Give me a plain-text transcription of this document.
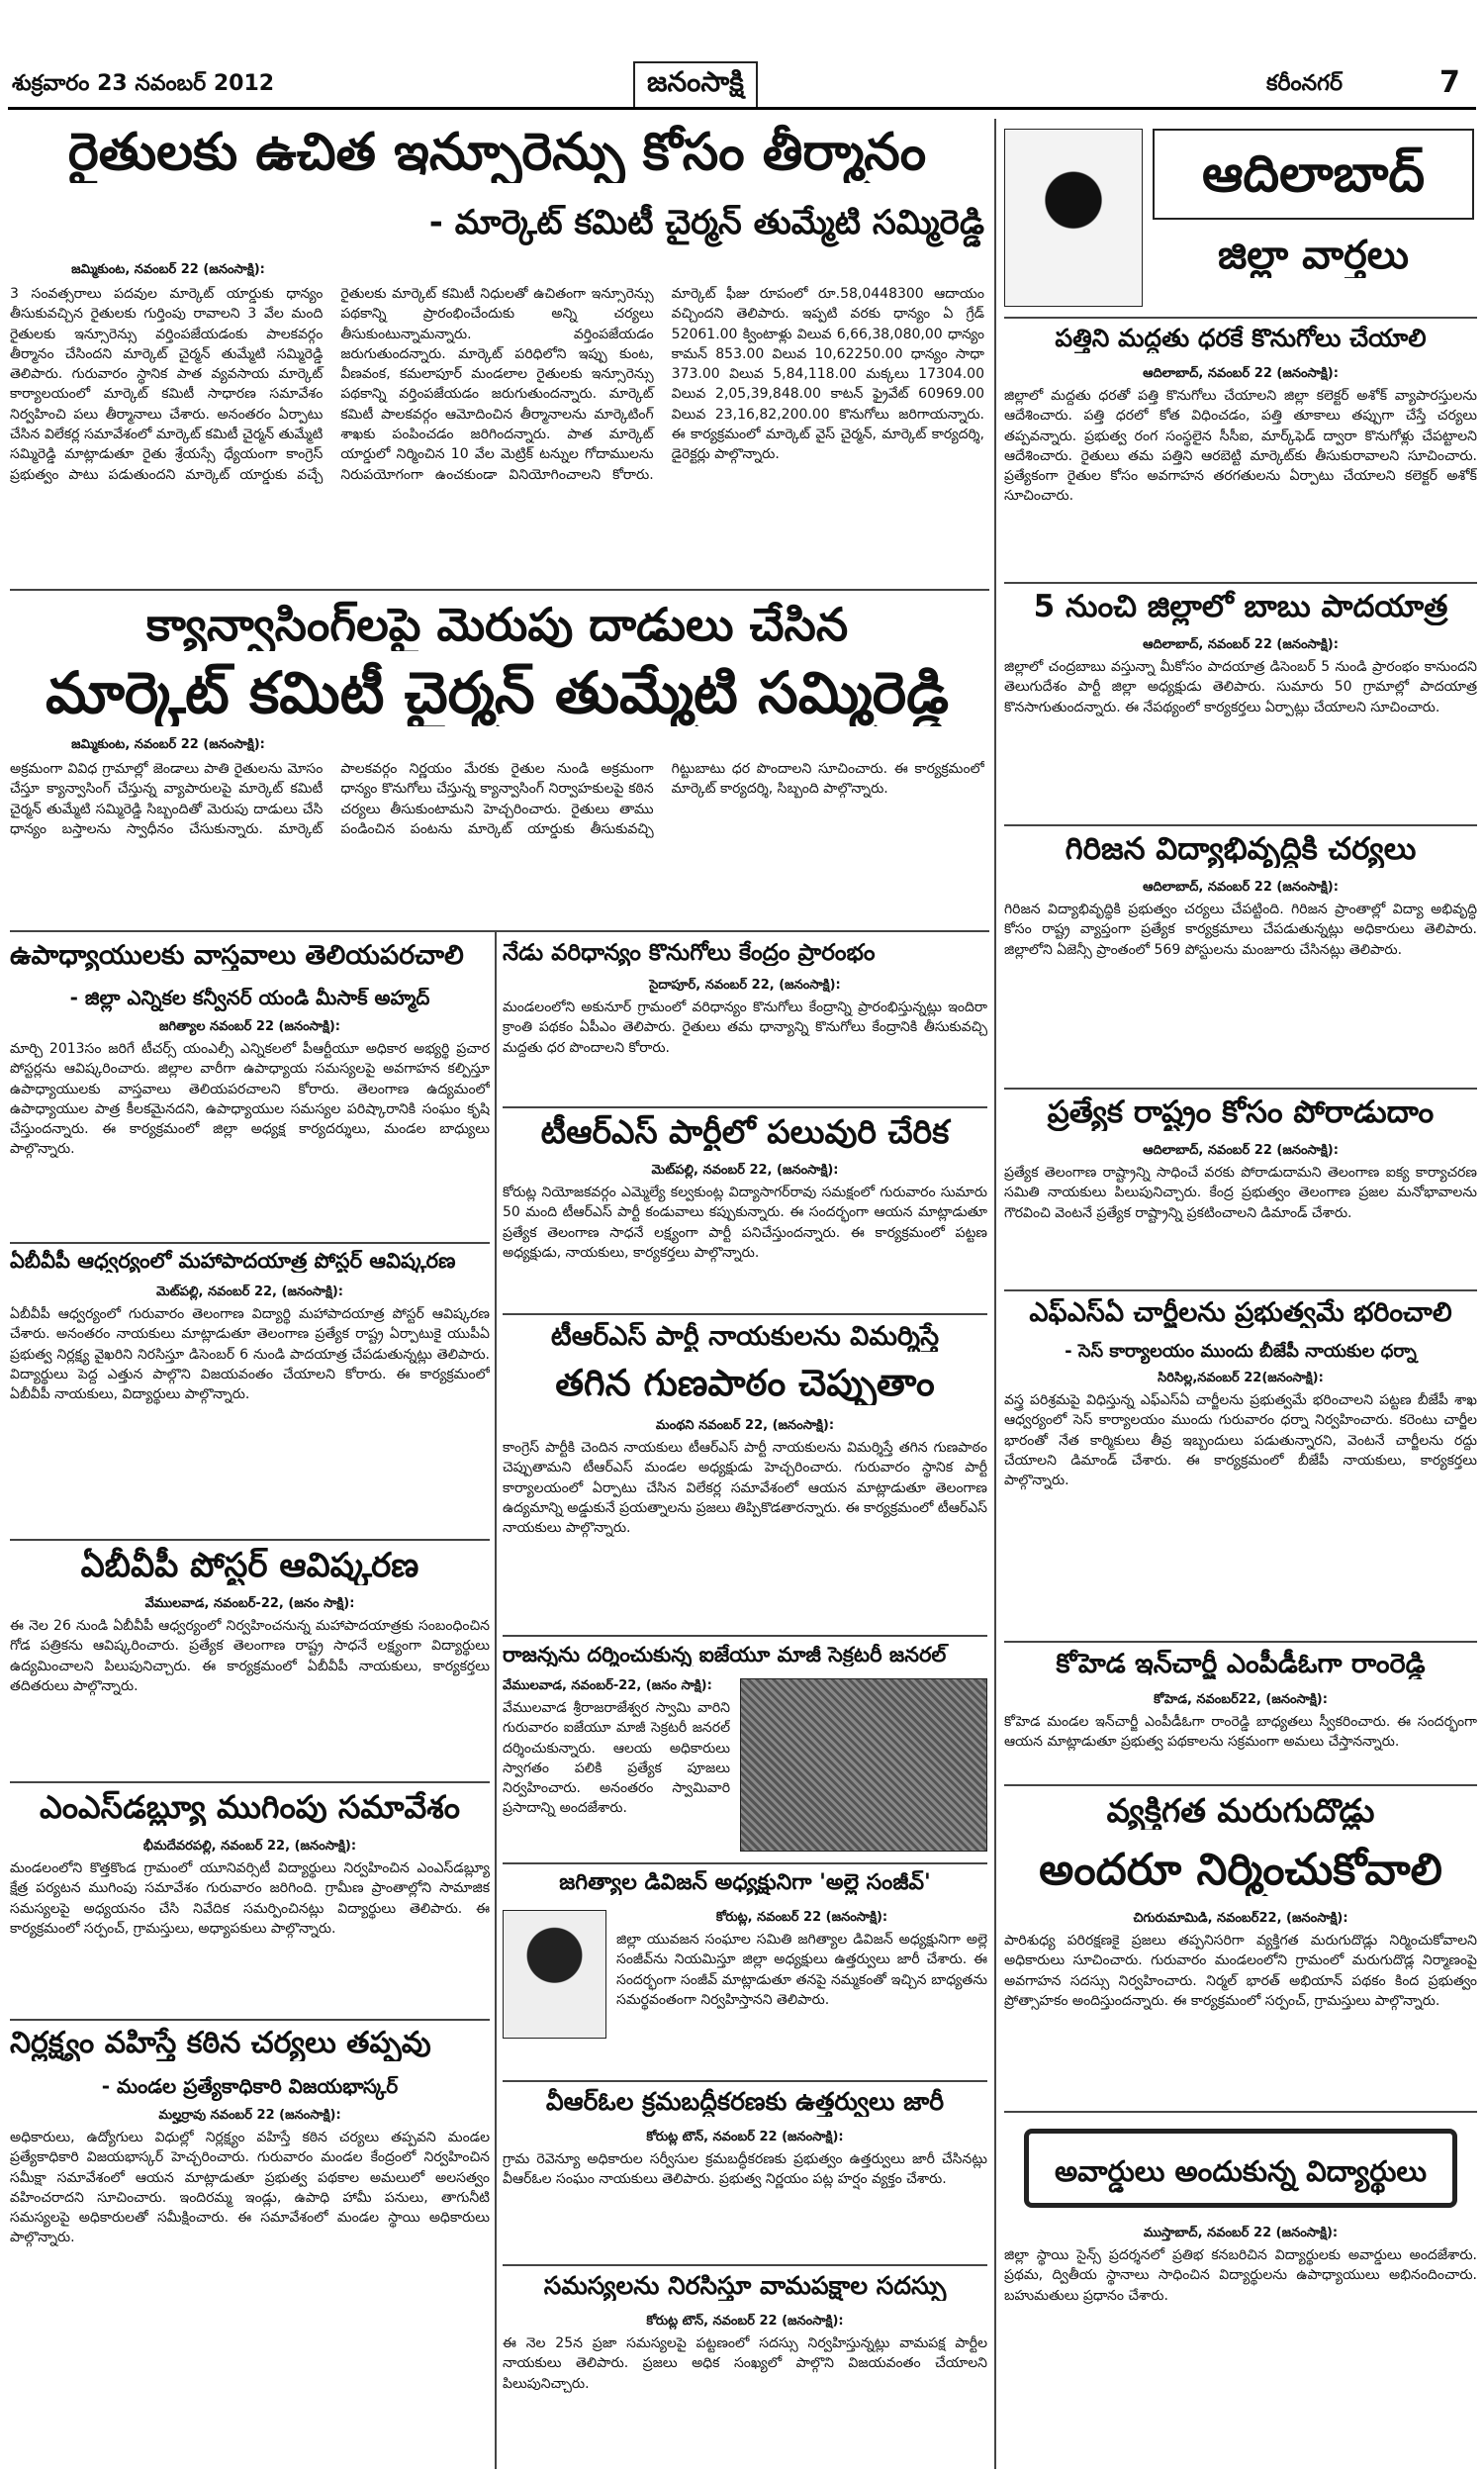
శుక్రవారం 23 నవంబర్ 2012	జనంసాక్షి	కరీంనగర్	7
రైతులకు ఉచిత ఇన్సూరెన్సు కోసం తీర్మానం
- మార్కెట్ కమిటీ చైర్మన్ తుమ్మేటి సమ్మిరెడ్డి
జమ్మికుంట, నవంబర్ 22 (జనంసాక్షి):
3 సంవత్సరాలు పదవుల మార్కెట్ యార్డుకు ధాన్యం తీసుకువచ్చిన రైతులకు గుర్తింపు రావాలని 3 వేల మంది రైతులకు ఇన్సూరెన్సు వర్తింపజేయడంకు పాలకవర్గం తీర్మానం చేసిందని మార్కెట్ చైర్మన్ తుమ్మేటి సమ్మిరెడ్డి తెలిపారు. గురువారం స్థానిక పాత వ్యవసాయ మార్కెట్ కార్యాలయంలో మార్కెట్ కమిటీ సాధారణ సమావేశం నిర్వహించి పలు తీర్మానాలు చేశారు. అనంతరం ఏర్పాటు చేసిన విలేకర్ల సమావేశంలో మార్కెట్ కమిటీ చైర్మన్ తుమ్మేటి సమ్మిరెడ్డి మాట్లాడుతూ రైతు శ్రేయస్సే ధ్యేయంగా కాంగ్రెస్ ప్రభుత్వం పాటు పడుతుందని మార్కెట్ యార్డుకు వచ్చే రైతులకు మార్కెట్ కమిటీ నిధులతో ఉచితంగా ఇన్సూరెన్సు పథకాన్ని ప్రారంభించేందుకు అన్ని చర్యలు తీసుకుంటున్నామన్నారు. వర్తింపజేయడం జరుగుతుందన్నారు. మార్కెట్ పరిధిలోని ఇప్పు కుంట, వీణవంక, కమలాపూర్ మండలాల రైతులకు ఇన్సూరెన్సు పథకాన్ని వర్తింపజేయడం జరుగుతుందన్నారు. మార్కెట్ కమిటీ పాలకవర్గం ఆమోదించిన తీర్మానాలను మార్కెటింగ్ శాఖకు పంపించడం జరిగిందన్నారు. పాత మార్కెట్ యార్డులో నిర్మించిన 10 వేల మెట్రిక్ టన్నుల గోదాములను నిరుపయోగంగా ఉంచకుండా వినియోగించాలని కోరారు. మార్కెట్ ఫీజు రూపంలో రూ.58,0448300 ఆదాయం వచ్చిందని తెలిపారు. ఇప్పటి వరకు ధాన్యం ఏ గ్రేడ్ 52061.00 క్వింటాళ్లు విలువ 6,66,38,080,00 ధాన్యం కామన్ 853.00 విలువ 10,62250.00 ధాన్యం సాధా 373.00 విలువ 5,84,118.00 మక్కలు 17304.00 విలువ 2,05,39,848.00 కాటన్ ఫ్రైవేట్ 60969.00 విలువ 23,16,82,200.00 కొనుగోలు జరిగాయన్నారు. ఈ కార్యక్రమంలో మార్కెట్ వైస్ చైర్మన్, మార్కెట్ కార్యదర్శి, డైరెక్టర్లు పాల్గొన్నారు.
క్యాన్వాసింగ్‌లపై మెరుపు దాడులు చేసిన
మార్కెట్ కమిటీ చైర్మన్ తుమ్మేటి సమ్మిరెడ్డి
జమ్మికుంట, నవంబర్ 22 (జనంసాక్షి):
అక్రమంగా వివిధ గ్రామాల్లో జెండాలు పాతి రైతులను మోసం చేస్తూ క్యాన్వాసింగ్ చేస్తున్న వ్యాపారులపై మార్కెట్ కమిటీ చైర్మన్ తుమ్మేటి సమ్మిరెడ్డి సిబ్బందితో మెరుపు దాడులు చేసి ధాన్యం బస్తాలను స్వాధీనం చేసుకున్నారు. మార్కెట్ పాలకవర్గం నిర్ణయం మేరకు రైతుల నుండి అక్రమంగా ధాన్యం కొనుగోలు చేస్తున్న క్యాన్వాసింగ్ నిర్వాహకులపై కఠిన చర్యలు తీసుకుంటామని హెచ్చరించారు. రైతులు తాము పండించిన పంటను మార్కెట్ యార్డుకు తీసుకువచ్చి గిట్టుబాటు ధర పొందాలని సూచించారు. ఈ కార్యక్రమంలో మార్కెట్ కార్యదర్శి, సిబ్బంది పాల్గొన్నారు.
ఉపాధ్యాయులకు వాస్తవాలు తెలియపరచాలి
- జిల్లా ఎన్నికల కన్వీనర్ యండి మీసాక్ అహ్మద్
జగిత్యాల నవంబర్ 22 (జనంసాక్షి):
మార్చి 2013సం జరిగే టీచర్స్ యంఎల్సీ ఎన్నికలలో పీఆర్టీయూ అధికార అభ్యర్థి ప్రచార పోస్టర్లను ఆవిష్కరించారు. జిల్లాల వారీగా ఉపాధ్యాయ సమస్యలపై అవగాహన కల్పిస్తూ ఉపాధ్యాయులకు వాస్తవాలు తెలియపరచాలని కోరారు. తెలంగాణ ఉద్యమంలో ఉపాధ్యాయుల పాత్ర కీలకమైనదని, ఉపాధ్యాయుల సమస్యల పరిష్కారానికి సంఘం కృషి చేస్తుందన్నారు. ఈ కార్యక్రమంలో జిల్లా అధ్యక్ష కార్యదర్శులు, మండల బాధ్యులు పాల్గొన్నారు.
ఏబీవీపీ ఆధ్వర్యంలో మహాపాదయాత్ర పోస్టర్ ఆవిష్కరణ
మెట్‌పల్లి, నవంబర్ 22, (జనంసాక్షి):
ఏబీవీపీ ఆధ్వర్యంలో గురువారం తెలంగాణ విద్యార్థి మహాపాదయాత్ర పోస్టర్ ఆవిష్కరణ చేశారు. అనంతరం నాయకులు మాట్లాడుతూ తెలంగాణ ప్రత్యేక రాష్ట్ర ఏర్పాటుకై యుపీఏ ప్రభుత్వ నిర్లక్ష్య వైఖరిని నిరసిస్తూ డిసెంబర్ 6 నుండి పాదయాత్ర చేపడుతున్నట్లు తెలిపారు. విద్యార్థులు పెద్ద ఎత్తున పాల్గొని విజయవంతం చేయాలని కోరారు. ఈ కార్యక్రమంలో ఏబీవీపీ నాయకులు, విద్యార్థులు పాల్గొన్నారు.
ఏబీవీపీ పోస్టర్ ఆవిష్కరణ
వేములవాడ, నవంబర్-22, (జనం సాక్షి):
ఈ నెల 26 నుండి ఏబీవీపీ ఆధ్వర్యంలో నిర్వహించనున్న మహాపాదయాత్రకు సంబంధించిన గోడ పత్రికను ఆవిష్కరించారు. ప్రత్యేక తెలంగాణ రాష్ట్ర సాధనే లక్ష్యంగా విద్యార్థులు ఉద్యమించాలని పిలుపునిచ్చారు. ఈ కార్యక్రమంలో ఏబీవీపీ నాయకులు, కార్యకర్తలు తదితరులు పాల్గొన్నారు.
ఎంఎస్‌డబ్ల్యూ ముగింపు సమావేశం
భీమదేవరపల్లి, నవంబర్ 22, (జనంసాక్షి):
మండలంలోని కొత్తకొండ గ్రామంలో యూనివర్సిటీ విద్యార్థులు నిర్వహించిన ఎంఎస్‌డబ్ల్యూ క్షేత్ర పర్యటన ముగింపు సమావేశం గురువారం జరిగింది. గ్రామీణ ప్రాంతాల్లోని సామాజిక సమస్యలపై అధ్యయనం చేసి నివేదిక సమర్పించినట్లు విద్యార్థులు తెలిపారు. ఈ కార్యక్రమంలో సర్పంచ్, గ్రామస్తులు, అధ్యాపకులు పాల్గొన్నారు.
నిర్లక్ష్యం వహిస్తే కఠిన చర్యలు తప్పవు
- మండల ప్రత్యేకాధికారి విజయభాస్కర్
మల్హర్రావు నవంబర్ 22 (జనంసాక్షి):
అధికారులు, ఉద్యోగులు విధుల్లో నిర్లక్ష్యం వహిస్తే కఠిన చర్యలు తప్పవని మండల ప్రత్యేకాధికారి విజయభాస్కర్ హెచ్చరించారు. గురువారం మండల కేంద్రంలో నిర్వహించిన సమీక్షా సమావేశంలో ఆయన మాట్లాడుతూ ప్రభుత్వ పథకాల అమలులో అలసత్వం వహించరాదని సూచించారు. ఇందిరమ్మ ఇండ్లు, ఉపాధి హామీ పనులు, తాగునీటి సమస్యలపై అధికారులతో సమీక్షించారు. ఈ సమావేశంలో మండల స్థాయి అధికారులు పాల్గొన్నారు.
నేడు వరిధాన్యం కొనుగోలు కేంద్రం ప్రారంభం
సైదాపూర్, నవంబర్ 22, (జనంసాక్షి):
మండలంలోని అకునూర్ గ్రామంలో వరిధాన్యం కొనుగోలు కేంద్రాన్ని ప్రారంభిస్తున్నట్లు ఇందిరా క్రాంతి పథకం ఏపీఎం తెలిపారు. రైతులు తమ ధాన్యాన్ని కొనుగోలు కేంద్రానికి తీసుకువచ్చి మద్దతు ధర పొందాలని కోరారు.
టీఆర్ఎస్ పార్టీలో పలువురి చేరిక
మెట్‌పల్లి, నవంబర్ 22, (జనంసాక్షి):
కోరుట్ల నియోజకవర్గం ఎమ్మెల్యే కల్వకుంట్ల విద్యాసాగర్‌రావు సమక్షంలో గురువారం సుమారు 50 మంది టీఆర్ఎస్ పార్టీ కండువాలు కప్పుకున్నారు. ఈ సందర్భంగా ఆయన మాట్లాడుతూ ప్రత్యేక తెలంగాణ సాధనే లక్ష్యంగా పార్టీ పనిచేస్తుందన్నారు. ఈ కార్యక్రమంలో పట్టణ అధ్యక్షుడు, నాయకులు, కార్యకర్తలు పాల్గొన్నారు.
టీఆర్ఎస్ పార్టీ నాయకులను విమర్శిస్తే
తగిన గుణపాఠం చెప్పుతాం
మంథని నవంబర్ 22, (జనంసాక్షి):
కాంగ్రెస్ పార్టీకి చెందిన నాయకులు టీఆర్ఎస్ పార్టీ నాయకులను విమర్శిస్తే తగిన గుణపాఠం చెప్పుతామని టీఆర్ఎస్ మండల అధ్యక్షుడు హెచ్చరించారు. గురువారం స్థానిక పార్టీ కార్యాలయంలో ఏర్పాటు చేసిన విలేకర్ల సమావేశంలో ఆయన మాట్లాడుతూ తెలంగాణ ఉద్యమాన్ని అడ్డుకునే ప్రయత్నాలను ప్రజలు తిప్పికొడతారన్నారు. ఈ కార్యక్రమంలో టీఆర్ఎస్ నాయకులు పాల్గొన్నారు.
రాజన్నను దర్శించుకున్న ఐజేయూ మాజీ సెక్రటరీ జనరల్
వేములవాడ, నవంబర్-22, (జనం సాక్షి):
వేములవాడ శ్రీరాజరాజేశ్వర స్వామి వారిని గురువారం ఐజేయూ మాజీ సెక్రటరీ జనరల్ దర్శించుకున్నారు. ఆలయ అధికారులు స్వాగతం పలికి ప్రత్యేక పూజలు నిర్వహించారు. అనంతరం స్వామివారి ప్రసాదాన్ని అందజేశారు.
జగిత్యాల డివిజన్ అధ్యక్షునిగా 'అల్లె సంజీవ్'
కోరుట్ల, నవంబర్ 22 (జనంసాక్షి):
జిల్లా యువజన సంఘాల సమితి జగిత్యాల డివిజన్ అధ్యక్షునిగా అల్లె సంజీవ్‌ను నియమిస్తూ జిల్లా అధ్యక్షులు ఉత్తర్వులు జారీ చేశారు. ఈ సందర్భంగా సంజీవ్ మాట్లాడుతూ తనపై నమ్మకంతో ఇచ్చిన బాధ్యతను సమర్థవంతంగా నిర్వహిస్తానని తెలిపారు.
వీఆర్ఓల క్రమబద్ధీకరణకు ఉత్తర్వులు జారీ
కోరుట్ల టౌన్, నవంబర్ 22 (జనంసాక్షి):
గ్రామ రెవెన్యూ అధికారుల సర్వీసుల క్రమబద్ధీకరణకు ప్రభుత్వం ఉత్తర్వులు జారీ చేసినట్లు వీఆర్ఓల సంఘం నాయకులు తెలిపారు. ప్రభుత్వ నిర్ణయం పట్ల హర్షం వ్యక్తం చేశారు.
సమస్యలను నిరసిస్తూ వామపక్షాల సదస్సు
కోరుట్ల టౌన్, నవంబర్ 22 (జనంసాక్షి):
ఈ నెల 25న ప్రజా సమస్యలపై పట్టణంలో సదస్సు నిర్వహిస్తున్నట్లు వామపక్ష పార్టీల నాయకులు తెలిపారు. ప్రజలు అధిక సంఖ్యలో పాల్గొని విజయవంతం చేయాలని పిలుపునిచ్చారు.
ఆదిలాబాద్
జిల్లా వార్తలు
పత్తిని మద్దతు ధరకే కొనుగోలు చేయాలి
ఆదిలాబాద్, నవంబర్ 22 (జనంసాక్షి):
జిల్లాలో మద్దతు ధరతో పత్తి కొనుగోలు చేయాలని జిల్లా కలెక్టర్ అశోక్ వ్యాపారస్తులను ఆదేశించారు. పత్తి ధరలో కోత విధించడం, పత్తి తూకాలు తప్పుగా చేస్తే చర్యలు తప్పవన్నారు. ప్రభుత్వ రంగ సంస్థలైన సీసీఐ, మార్క్‌ఫెడ్ ద్వారా కొనుగోళ్లు చేపట్టాలని ఆదేశించారు. రైతులు తమ పత్తిని ఆరబెట్టి మార్కెట్‌కు తీసుకురావాలని సూచించారు. ప్రత్యేకంగా రైతుల కోసం అవగాహన తరగతులను ఏర్పాటు చేయాలని కలెక్టర్ అశోక్ సూచించారు.
5 నుంచి జిల్లాలో బాబు పాదయాత్ర
ఆదిలాబాద్, నవంబర్ 22 (జనంసాక్షి):
జిల్లాలో చంద్రబాబు వస్తున్నా మీకోసం పాదయాత్ర డిసెంబర్ 5 నుండి ప్రారంభం కానుందని తెలుగుదేశం పార్టీ జిల్లా అధ్యక్షుడు తెలిపారు. సుమారు 50 గ్రామాల్లో పాదయాత్ర కొనసాగుతుందన్నారు. ఈ నేపథ్యంలో కార్యకర్తలు ఏర్పాట్లు చేయాలని సూచించారు.
గిరిజన విద్యాభివృద్ధికి చర్యలు
ఆదిలాబాద్, నవంబర్ 22 (జనంసాక్షి):
గిరిజన విద్యాభివృద్ధికి ప్రభుత్వం చర్యలు చేపట్టింది. గిరిజన ప్రాంతాల్లో విద్యా అభివృద్ధి కోసం రాష్ట్ర వ్యాప్తంగా ప్రత్యేక కార్యక్రమాలు చేపడుతున్నట్లు అధికారులు తెలిపారు. జిల్లాలోని ఏజెన్సీ ప్రాంతంలో 569 పోస్టులను మంజూరు చేసినట్లు తెలిపారు.
ప్రత్యేక రాష్ట్రం కోసం పోరాడుదాం
ఆదిలాబాద్, నవంబర్ 22 (జనంసాక్షి):
ప్రత్యేక తెలంగాణ రాష్ట్రాన్ని సాధించే వరకు పోరాడుదామని తెలంగాణ ఐక్య కార్యాచరణ సమితి నాయకులు పిలుపునిచ్చారు. కేంద్ర ప్రభుత్వం తెలంగాణ ప్రజల మనోభావాలను గౌరవించి వెంటనే ప్రత్యేక రాష్ట్రాన్ని ప్రకటించాలని డిమాండ్ చేశారు.
ఎఫ్ఎస్ఏ చార్జీలను ప్రభుత్వమే భరించాలి
- సెస్ కార్యాలయం ముందు బీజేపీ నాయకుల ధర్నా
సిరిసిల్ల,నవంబర్ 22(జనంసాక్షి):
వస్త్ర పరిశ్రమపై విధిస్తున్న ఎఫ్ఎస్ఏ చార్జీలను ప్రభుత్వమే భరించాలని పట్టణ బీజేపీ శాఖ ఆధ్వర్యంలో సెస్ కార్యాలయం ముందు గురువారం ధర్నా నిర్వహించారు. కరెంటు చార్జీల భారంతో నేత కార్మికులు తీవ్ర ఇబ్బందులు పడుతున్నారని, వెంటనే చార్జీలను రద్దు చేయాలని డిమాండ్ చేశారు. ఈ కార్యక్రమంలో బీజేపీ నాయకులు, కార్యకర్తలు పాల్గొన్నారు.
కోహెడ ఇన్‌చార్జీ ఎంపీడీఓగా రాంరెడ్డి
కోహెడ, నవంబర్22, (జనంసాక్షి):
కోహెడ మండల ఇన్‌చార్జీ ఎంపీడీఓగా రాంరెడ్డి బాధ్యతలు స్వీకరించారు. ఈ సందర్భంగా ఆయన మాట్లాడుతూ ప్రభుత్వ పథకాలను సక్రమంగా అమలు చేస్తానన్నారు.
వ్యక్తిగత మరుగుదొడ్లు
అందరూ నిర్మించుకోవాలి
చిగురుమామిడి, నవంబర్22, (జనంసాక్షి):
పారిశుధ్య పరిరక్షణకై ప్రజలు తప్పనిసరిగా వ్యక్తిగత మరుగుదొడ్లు నిర్మించుకోవాలని అధికారులు సూచించారు. గురువారం మండలంలోని గ్రామంలో మరుగుదొడ్ల నిర్మాణంపై అవగాహన సదస్సు నిర్వహించారు. నిర్మల్ భారత్ అభియాన్ పథకం కింద ప్రభుత్వం ప్రోత్సాహకం అందిస్తుందన్నారు. ఈ కార్యక్రమంలో సర్పంచ్, గ్రామస్తులు పాల్గొన్నారు.
అవార్డులు అందుకున్న విద్యార్థులు
ముస్తాబాద్, నవంబర్ 22 (జనంసాక్షి):
జిల్లా స్థాయి సైన్స్ ప్రదర్శనలో ప్రతిభ కనబరిచిన విద్యార్థులకు అవార్డులు అందజేశారు. ప్రథమ, ద్వితీయ స్థానాలు సాధించిన విద్యార్థులను ఉపాధ్యాయులు అభినందించారు. బహుమతులు ప్రధానం చేశారు.
